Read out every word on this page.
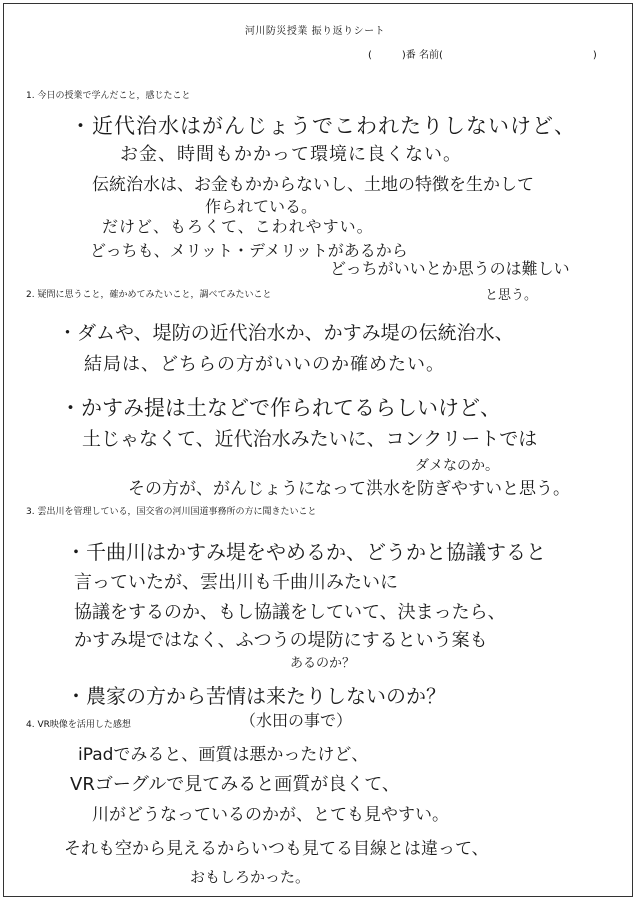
河川防災授業 振り返りシート
(　　　)番 名前(　　　　　　　　　　　　　　　)
1. 今日の授業で学んだこと，感じたこと
・近代治水はがんじょうでこわれたりしないけど、
お金、時間もかかって環境に良くない。
伝統治水は、お金もかからないし、土地の特徴を生かして
作られている。
だけど、もろくて、こわれやすい。
どっちも、メリット・デメリットがあるから
どっちがいいとか思うのは難しい
と思う。
2. 疑問に思うこと，確かめてみたいこと，調べてみたいこと
・ダムや、堤防の近代治水か、かすみ堤の伝統治水、
結局は、どちらの方がいいのか確めたい。
・かすみ提は土などで作られてるらしいけど、
土じゃなくて、近代治水みたいに、コンクリートでは
ダメなのか。
その方が、がんじょうになって洪水を防ぎやすいと思う。
3. 雲出川を管理している，国交省の河川国道事務所の方に聞きたいこと
・千曲川はかすみ堤をやめるか、どうかと協議すると
言っていたが、雲出川も千曲川みたいに
協議をするのか、もし協議をしていて、決まったら、
かすみ堤ではなく、ふつうの堤防にするという案も
あるのか？
・農家の方から苦情は来たりしないのか？
（水田の事で）
4. VR映像を活用した感想
iPadでみると、画質は悪かったけど、
VRゴーグルで見てみると画質が良くて、
川がどうなっているのかが、とても見やすい。
それも空から見えるからいつも見てる目線とは違って、
おもしろかった。
